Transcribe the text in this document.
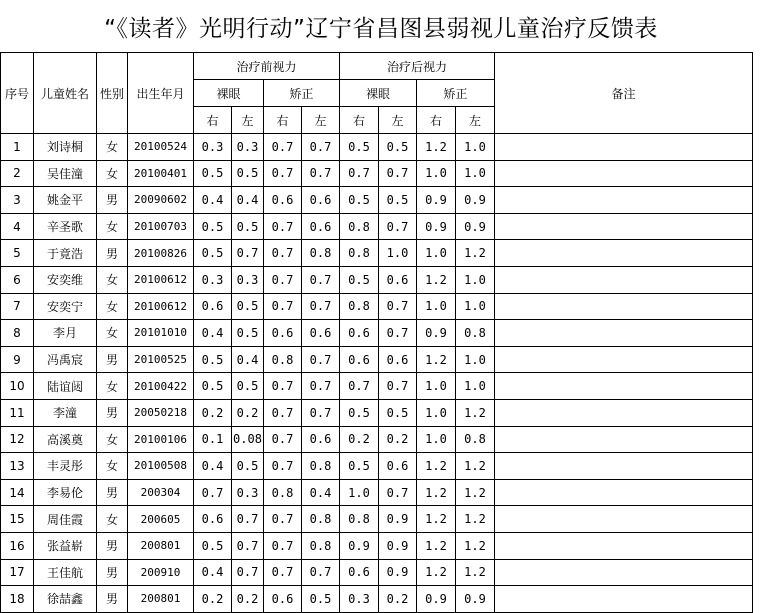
“《读者》光明行动”辽宁省昌图县弱视儿童治疗反馈表
序号	儿童姓名	性别	出生年月	治疗前视力				治疗后视力				备注
				裸眼		矫正		裸眼		矫正		
				右	左	右	左	右	左	右	左	
1	刘诗桐	女	20100524	0.3	0.3	0.7	0.7	0.5	0.5	1.2	1.0	
2	吴佳潼	女	20100401	0.5	0.5	0.7	0.7	0.7	0.7	1.0	1.0	
3	姚金平	男	20090602	0.4	0.4	0.6	0.6	0.5	0.5	0.9	0.9	
4	辛圣歌	女	20100703	0.5	0.5	0.7	0.6	0.8	0.7	0.9	0.9	
5	于竟浩	男	20100826	0.5	0.7	0.7	0.8	0.8	1.0	1.0	1.2	
6	安奕维	女	20100612	0.3	0.3	0.7	0.7	0.5	0.6	1.2	1.0	
7	安奕宁	女	20100612	0.6	0.5	0.7	0.7	0.8	0.7	1.0	1.0	
8	李月	女	20101010	0.4	0.5	0.6	0.6	0.6	0.7	0.9	0.8	
9	冯禹宸	男	20100525	0.5	0.4	0.8	0.7	0.6	0.6	1.2	1.0	
10	陆谊闼	女	20100422	0.5	0.5	0.7	0.7	0.7	0.7	1.0	1.0	
11	李潼	男	20050218	0.2	0.2	0.7	0.7	0.5	0.5	1.0	1.2	
12	高溪奠	女	20100106	0.1	0.08	0.7	0.6	0.2	0.2	1.0	0.8	
13	丰灵彤	女	20100508	0.4	0.5	0.7	0.8	0.5	0.6	1.2	1.2	
14	李易伦	男	200304	0.7	0.3	0.8	0.4	1.0	0.7	1.2	1.2	
15	周佳霞	女	200605	0.6	0.7	0.7	0.8	0.8	0.9	1.2	1.2	
16	张益崭	男	200801	0.5	0.7	0.7	0.8	0.9	0.9	1.2	1.2	
17	王佳航	男	200910	0.4	0.7	0.7	0.7	0.6	0.9	1.2	1.2	
18	徐喆鑫	男	200801	0.2	0.2	0.6	0.5	0.3	0.2	0.9	0.9	
